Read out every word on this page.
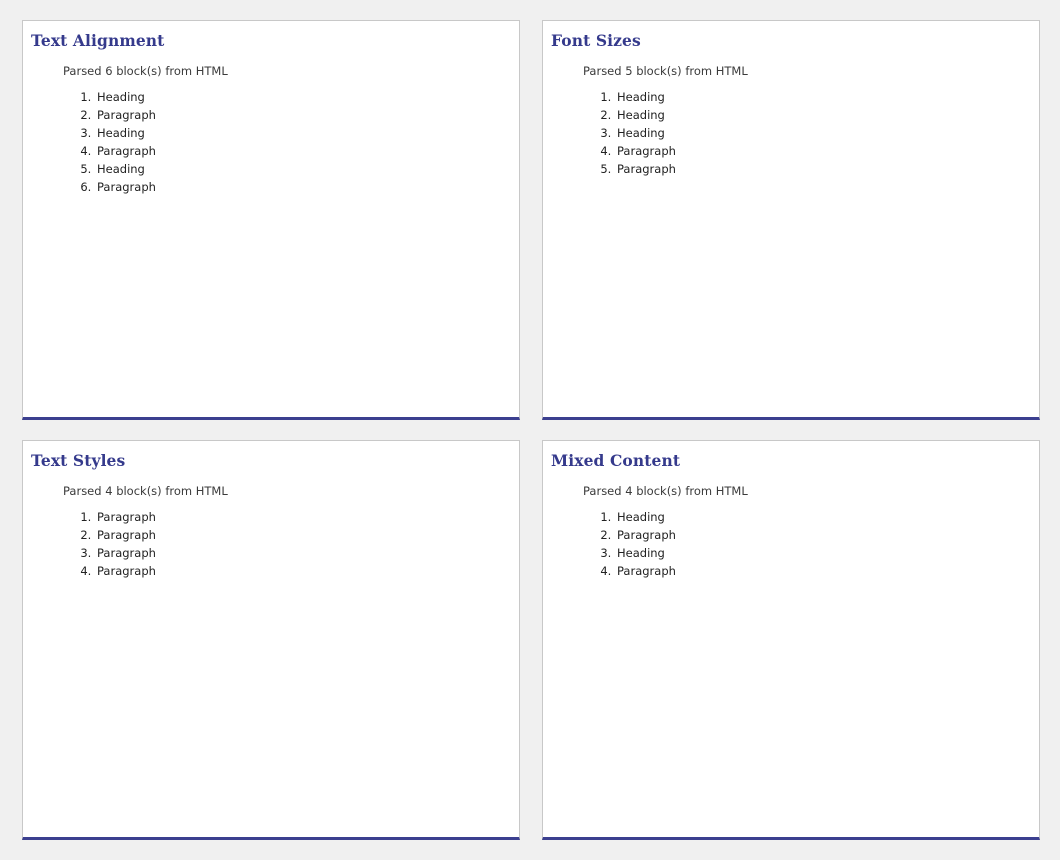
Text Alignment
Parsed 6 block(s) from HTML
1. Heading
2. Paragraph
3. Heading
4. Paragraph
5. Heading
6. Paragraph
Font Sizes
Parsed 5 block(s) from HTML
1. Heading
2. Heading
3. Heading
4. Paragraph
5. Paragraph
Text Styles
Parsed 4 block(s) from HTML
1. Paragraph
2. Paragraph
3. Paragraph
4. Paragraph
Mixed Content
Parsed 4 block(s) from HTML
1. Heading
2. Paragraph
3. Heading
4. Paragraph
